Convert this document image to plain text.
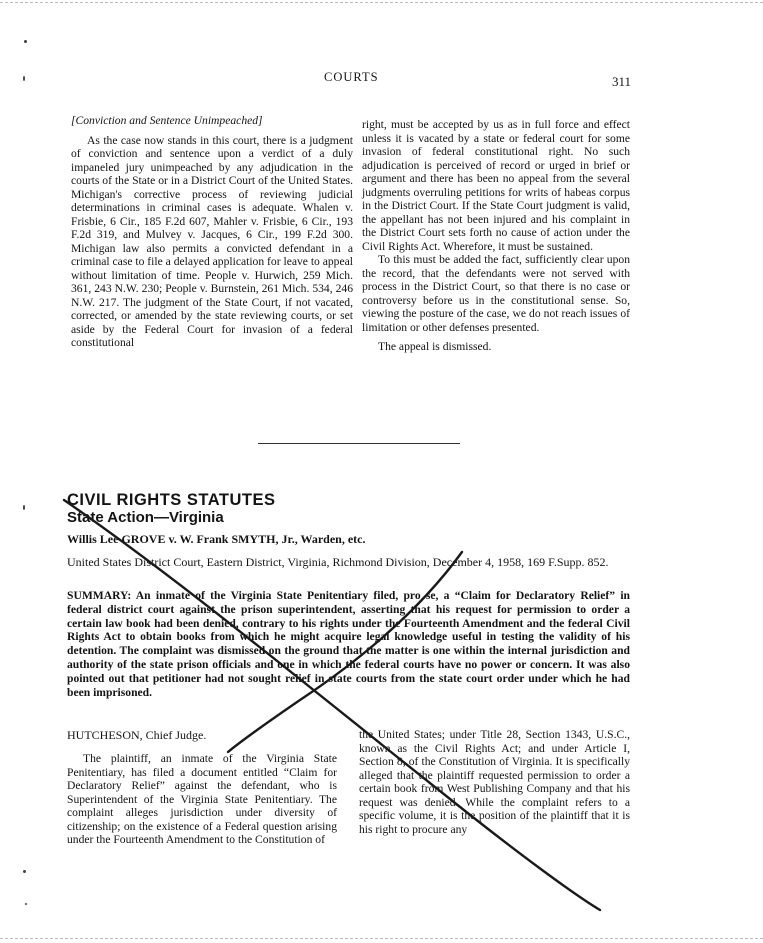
COURTS	311

[Conviction and Sentence Unimpeached]

As the case now stands in this court, there is a judgment of conviction and sentence upon a verdict of a duly impaneled jury unimpeached by any adjudication in the courts of the State or in a District Court of the United States. Michigan's corrective process of reviewing judicial determinations in criminal cases is adequate. Whalen v. Frisbie, 6 Cir., 185 F.2d 607, Mahler v. Frisbie, 6 Cir., 193 F.2d 319, and Mulvey v. Jacques, 6 Cir., 199 F.2d 300. Michigan law also permits a convicted defendant in a criminal case to file a delayed application for leave to appeal without limitation of time. People v. Hurwich, 259 Mich. 361, 243 N.W. 230; People v. Burnstein, 261 Mich. 534, 246 N.W. 217. The judgment of the State Court, if not vacated, corrected, or amended by the state reviewing courts, or set aside by the Federal Court for invasion of a federal constitutional

right, must be accepted by us as in full force and effect unless it is vacated by a state or federal court for some invasion of federal constitutional right. No such adjudication is perceived of record or urged in brief or argument and there has been no appeal from the several judgments overruling petitions for writs of habeas corpus in the District Court. If the State Court judgment is valid, the appellant has not been injured and his complaint in the District Court sets forth no cause of action under the Civil Rights Act. Wherefore, it must be sustained.

To this must be added the fact, sufficiently clear upon the record, that the defendants were not served with process in the District Court, so that there is no case or controversy before us in the constitutional sense. So, viewing the posture of the case, we do not reach issues of limitation or other defenses presented.

The appeal is dismissed.

CIVIL RIGHTS STATUTES
State Action—Virginia
Willis Lee GROVE v. W. Frank SMYTH, Jr., Warden, etc.
United States District Court, Eastern District, Virginia, Richmond Division, December 4, 1958, 169 F.Supp. 852.
SUMMARY: An inmate of the Virginia State Penitentiary filed, pro se, a “Claim for Declaratory Relief” in federal district court against the prison superintendent, asserting that his request for permission to order a certain law book had been denied, contrary to his rights under the Fourteenth Amendment and the federal Civil Rights Act to obtain books from which he might acquire legal knowledge useful in testing the validity of his detention. The complaint was dismissed on the ground that the matter is one within the internal jurisdiction and authority of the state prison officials and one in which the federal courts have no power or concern. It was also pointed out that petitioner had not sought relief in state courts from the state court order under which he had been imprisoned.
HUTCHESON, Chief Judge.

The plaintiff, an inmate of the Virginia State Penitentiary, has filed a document entitled “Claim for Declaratory Relief” against the defendant, who is Superintendent of the Virginia State Penitentiary. The complaint alleges jurisdiction under diversity of citizenship; on the existence of a Federal question arising under the Fourteenth Amendment to the Constitution of

the United States; under Title 28, Section 1343, U.S.C., known as the Civil Rights Act; and under Article I, Section 8, of the Constitution of Virginia. It is specifically alleged that the plaintiff requested permission to order a certain book from West Publishing Company and that his request was denied. While the complaint refers to a specific volume, it is the position of the plaintiff that it is his right to procure any
